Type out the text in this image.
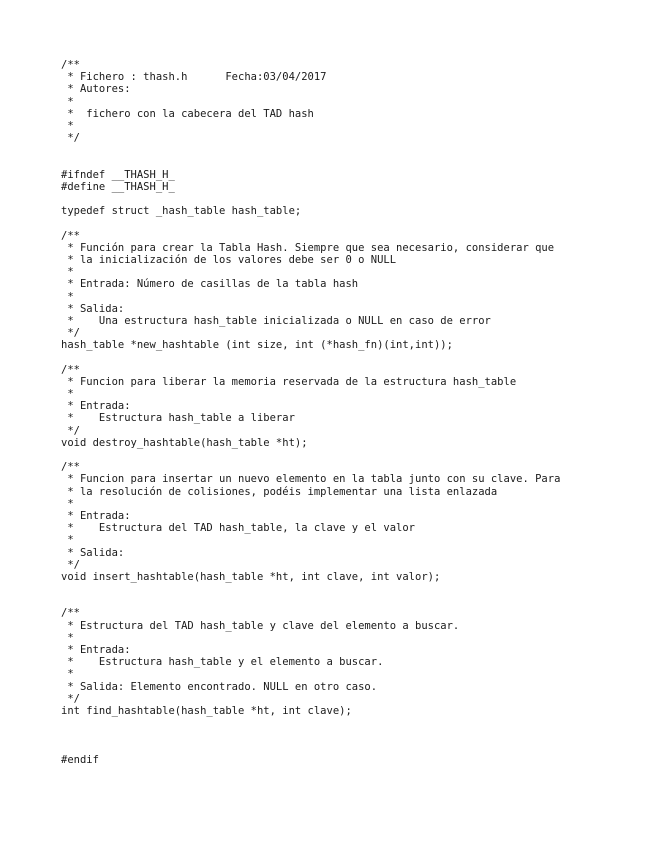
/**
* Fichero : thash.h      Fecha:03/04/2017
* Autores:
*
*  fichero con la cabecera del TAD hash
*
*/
#ifndef __THASH_H_
#define __THASH_H_
typedef struct _hash_table hash_table;
/**
* Función para crear la Tabla Hash. Siempre que sea necesario, considerar que
* la inicialización de los valores debe ser 0 o NULL
*
* Entrada: Número de casillas de la tabla hash
*
* Salida:
*    Una estructura hash_table inicializada o NULL en caso de error
*/
hash_table *new_hashtable (int size, int (*hash_fn)(int,int));
/**
* Funcion para liberar la memoria reservada de la estructura hash_table
*
* Entrada:
*    Estructura hash_table a liberar
*/
void destroy_hashtable(hash_table *ht);
/**
* Funcion para insertar un nuevo elemento en la tabla junto con su clave. Para
* la resolución de colisiones, podéis implementar una lista enlazada
*
* Entrada:
*    Estructura del TAD hash_table, la clave y el valor
*
* Salida:
*/
void insert_hashtable(hash_table *ht, int clave, int valor);
/**
* Estructura del TAD hash_table y clave del elemento a buscar.
*
* Entrada:
*    Estructura hash_table y el elemento a buscar.
*
* Salida: Elemento encontrado. NULL en otro caso.
*/
int find_hashtable(hash_table *ht, int clave);
#endif
